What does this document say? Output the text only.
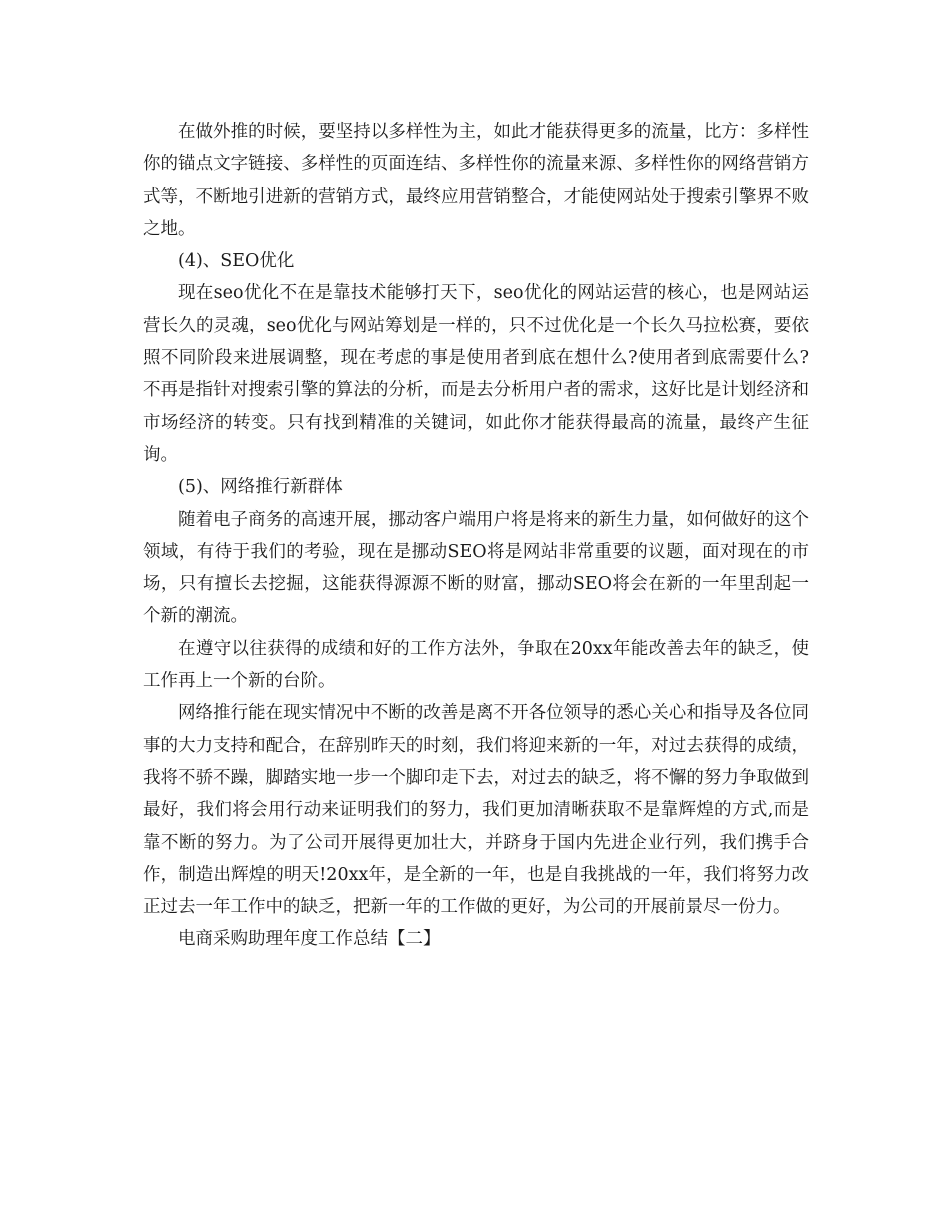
在做外推的时候，要坚持以多样性为主，如此才能获得更多的流量，比方：多样性你的锚点文字链接、多样性的页面连结、多样性你的流量来源、多样性你的网络营销方式等，不断地引进新的营销方式，最终应用营销整合，才能使网站处于搜索引擎界不败之地。

(4)、SEO优化

现在seo优化不在是靠技术能够打天下，seo优化的网站运营的核心，也是网站运营长久的灵魂，seo优化与网站筹划是一样的，只不过优化是一个长久马拉松赛，要依照不同阶段来进展调整，现在考虑的事是使用者到底在想什么?使用者到底需要什么?不再是指针对搜索引擎的算法的分析，而是去分析用户者的需求，这好比是计划经济和市场经济的转变。只有找到精准的关键词，如此你才能获得最高的流量，最终产生征询。

(5)、网络推行新群体

随着电子商务的高速开展，挪动客户端用户将是将来的新生力量，如何做好的这个领域，有待于我们的考验，现在是挪动SEO将是网站非常重要的议题，面对现在的市场，只有擅长去挖掘，这能获得源源不断的财富，挪动SEO将会在新的一年里刮起一个新的潮流。

在遵守以往获得的成绩和好的工作方法外，争取在20xx年能改善去年的缺乏，使工作再上一个新的台阶。

网络推行能在现实情况中不断的改善是离不开各位领导的悉心关心和指导及各位同事的大力支持和配合，在辞别昨天的时刻，我们将迎来新的一年，对过去获得的成绩，我将不骄不躁，脚踏实地一步一个脚印走下去，对过去的缺乏，将不懈的努力争取做到最好，我们将会用行动来证明我们的努力，我们更加清晰获取不是靠辉煌的方式,而是靠不断的努力。为了公司开展得更加壮大，并跻身于国内先进企业行列，我们携手合作，制造出辉煌的明天!20xx年，是全新的一年，也是自我挑战的一年，我们将努力改正过去一年工作中的缺乏，把新一年的工作做的更好，为公司的开展前景尽一份力。

电商采购助理年度工作总结【二】
